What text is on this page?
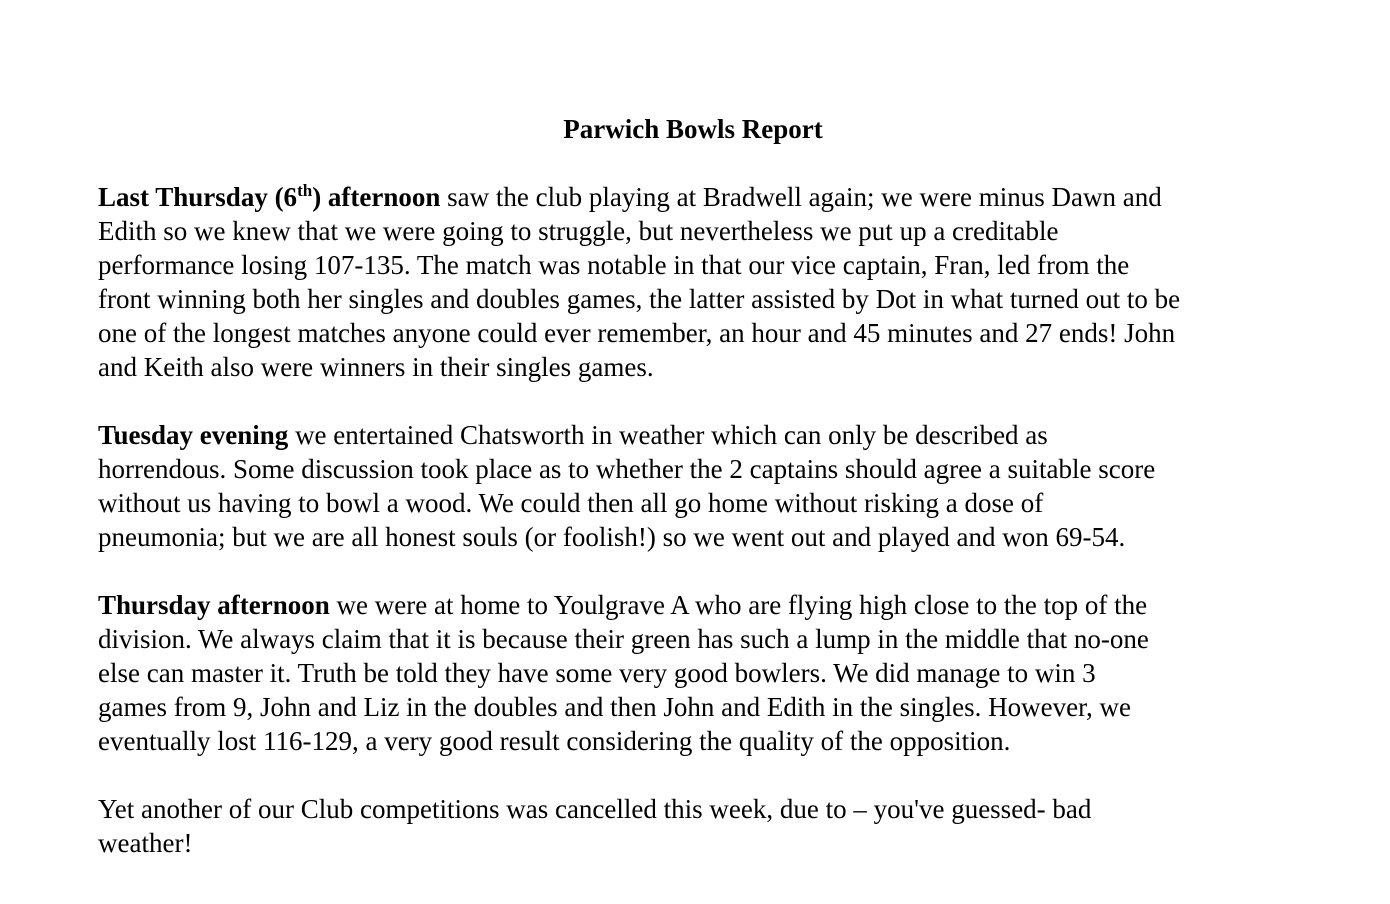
Parwich Bowls Report
Last Thursday (6th) afternoon saw the club playing at Bradwell again; we were minus Dawn and
Edith so we knew that we were going to struggle, but nevertheless we put up a creditable
performance losing 107-135. The match was notable in that our vice captain, Fran, led from the
front winning both her singles and doubles games, the latter assisted by Dot in what turned out to be
one of the longest matches anyone could ever remember, an hour and 45 minutes and 27 ends! John
and Keith also were winners in their singles games.
Tuesday evening we entertained Chatsworth in weather which can only be described as
horrendous. Some discussion took place as to whether the 2 captains should agree a suitable score
without us having to bowl a wood. We could then all go home without risking a dose of
pneumonia; but we are all honest souls (or foolish!) so we went out and played and won 69-54.
Thursday afternoon we were at home to Youlgrave A who are flying high close to the top of the
division. We always claim that it is because their green has such a lump in the middle that no-one
else can master it. Truth be told they have some very good bowlers. We did manage to win 3
games from 9, John and Liz in the doubles and then John and Edith in the singles. However, we
eventually lost 116-129, a very good result considering the quality of the opposition.
Yet another of our Club competitions was cancelled this week, due to – you've guessed- bad
weather!
